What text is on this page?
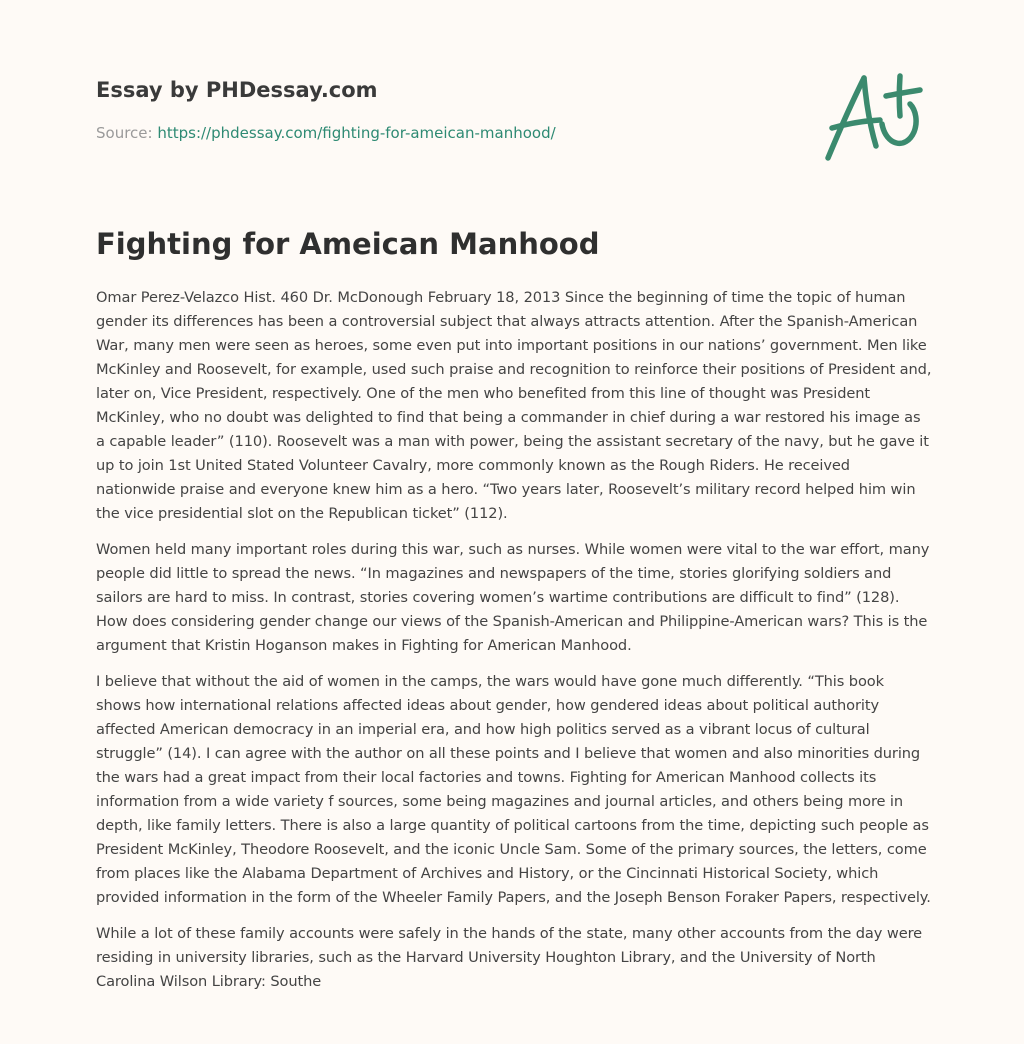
Essay by PHDessay.com

Source: https://phdessay.com/fighting-for-ameican-manhood/

Fighting for Ameican Manhood

Omar Perez-Velazco Hist. 460 Dr. McDonough February 18, 2013 Since the beginning of time the topic of human gender its differences has been a controversial subject that always attracts attention. After the Spanish-American War, many men were seen as heroes, some even put into important positions in our nations’ government. Men like McKinley and Roosevelt, for example, used such praise and recognition to reinforce their positions of President and, later on, Vice President, respectively. One of the men who benefited from this line of thought was President McKinley, who no doubt was delighted to find that being a commander in chief during a war restored his image as a capable leader” (110). Roosevelt was a man with power, being the assistant secretary of the navy, but he gave it up to join 1st United Stated Volunteer Cavalry, more commonly known as the Rough Riders. He received nationwide praise and everyone knew him as a hero. “Two years later, Roosevelt’s military record helped him win the vice presidential slot on the Republican ticket” (112).

Women held many important roles during this war, such as nurses. While women were vital to the war effort, many people did little to spread the news. “In magazines and newspapers of the time, stories glorifying soldiers and sailors are hard to miss. In contrast, stories covering women’s wartime contributions are difficult to find” (128). How does considering gender change our views of the Spanish-American and Philippine-American wars? This is the argument that Kristin Hoganson makes in Fighting for American Manhood.

I believe that without the aid of women in the camps, the wars would have gone much differently. “This book shows how international relations affected ideas about gender, how gendered ideas about political authority affected American democracy in an imperial era, and how high politics served as a vibrant locus of cultural struggle” (14). I can agree with the author on all these points and I believe that women and also minorities during the wars had a great impact from their local factories and towns. Fighting for American Manhood collects its information from a wide variety f sources, some being magazines and journal articles, and others being more in depth, like family letters. There is also a large quantity of political cartoons from the time, depicting such people as President McKinley, Theodore Roosevelt, and the iconic Uncle Sam. Some of the primary sources, the letters, come from places like the Alabama Department of Archives and History, or the Cincinnati Historical Society, which provided information in the form of the Wheeler Family Papers, and the Joseph Benson Foraker Papers, respectively.

While a lot of these family accounts were safely in the hands of the state, many other accounts from the day were residing in university libraries, such as the Harvard University Houghton Library, and the University of North Carolina Wilson Library: Southe
